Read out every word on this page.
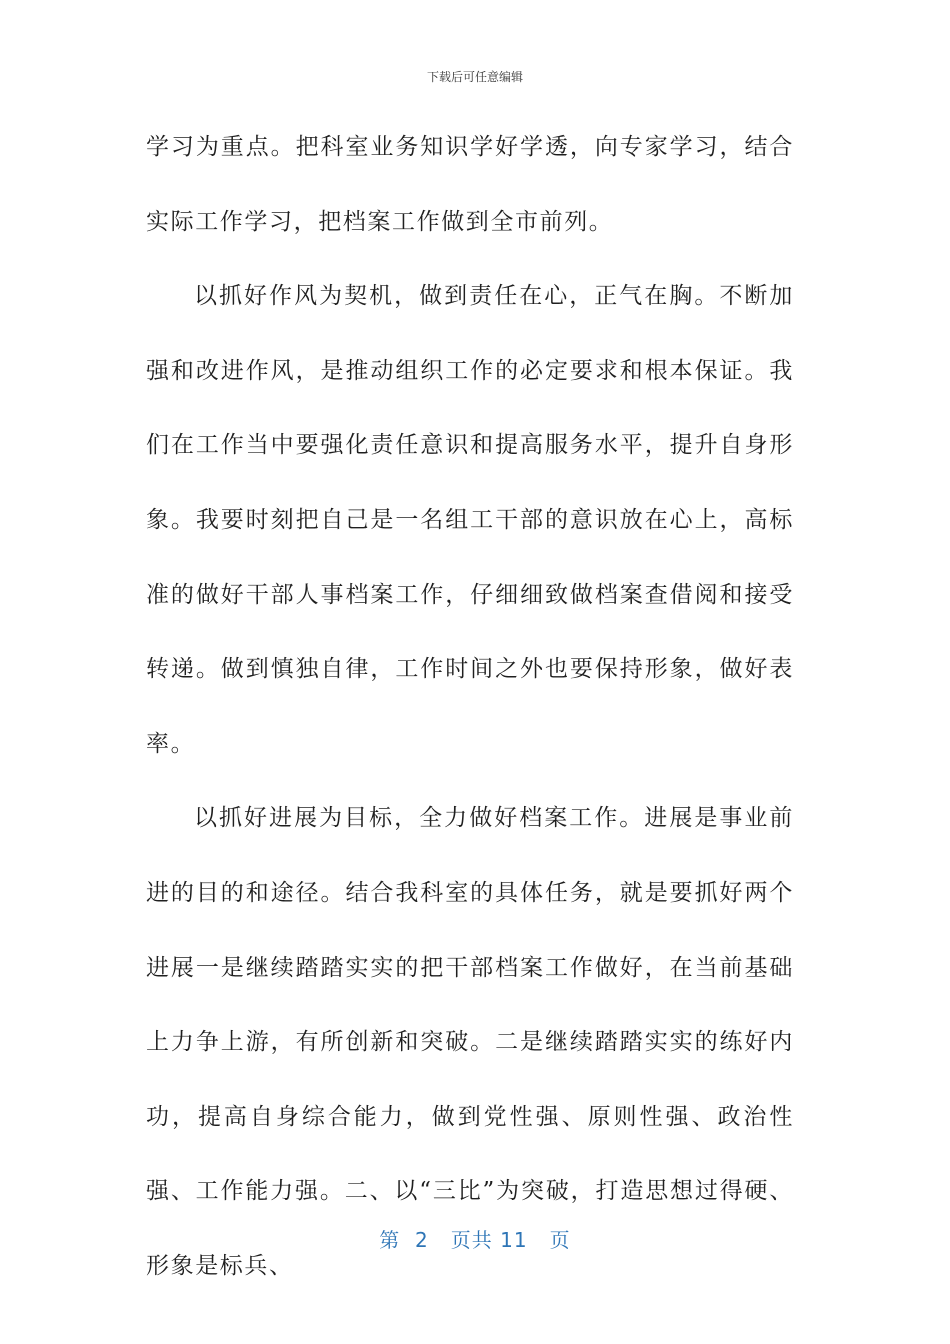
下载后可任意编辑

学习为重点。把科室业务知识学好学透，向专家学习，结合实际工作学习，把档案工作做到全市前列。

以抓好作风为契机，做到责任在心，正气在胸。不断加强和改进作风，是推动组织工作的必定要求和根本保证。我们在工作当中要强化责任意识和提高服务水平，提升自身形象。我要时刻把自己是一名组工干部的意识放在心上，高标准的做好干部人事档案工作，仔细细致做档案查借阅和接受转递。做到慎独自律，工作时间之外也要保持形象，做好表率。

以抓好进展为目标，全力做好档案工作。进展是事业前进的目的和途径。结合我科室的具体任务，就是要抓好两个进展一是继续踏踏实实的把干部档案工作做好，在当前基础上力争上游，有所创新和突破。二是继续踏踏实实的练好内功，提高自身综合能力，做到党性强、原则性强、政治性强、工作能力强。二、以“三比”为突破，打造思想过得硬、形象是标兵、

第  2   页共 11   页
